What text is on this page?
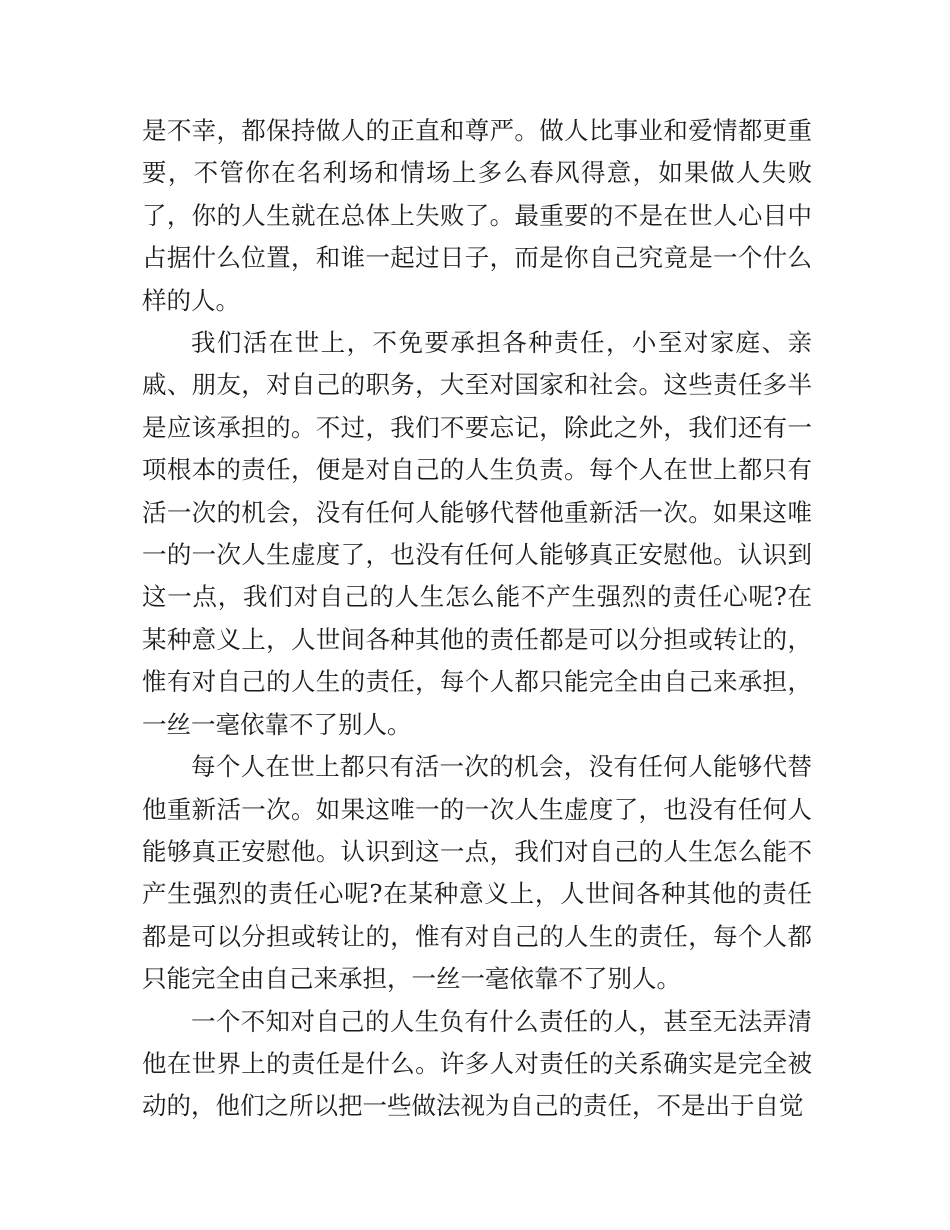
是不幸，都保持做人的正直和尊严。做人比事业和爱情都更重要，不管你在名利场和情场上多么春风得意，如果做人失败了，你的人生就在总体上失败了。最重要的不是在世人心目中占据什么位置，和谁一起过日子，而是你自己究竟是一个什么样的人。

我们活在世上，不免要承担各种责任，小至对家庭、亲戚、朋友，对自己的职务，大至对国家和社会。这些责任多半是应该承担的。不过，我们不要忘记，除此之外，我们还有一项根本的责任，便是对自己的人生负责。每个人在世上都只有活一次的机会，没有任何人能够代替他重新活一次。如果这唯一的一次人生虚度了，也没有任何人能够真正安慰他。认识到这一点，我们对自己的人生怎么能不产生强烈的责任心呢?在某种意义上，人世间各种其他的责任都是可以分担或转让的，惟有对自己的人生的责任，每个人都只能完全由自己来承担，一丝一毫依靠不了别人。

每个人在世上都只有活一次的机会，没有任何人能够代替他重新活一次。如果这唯一的一次人生虚度了，也没有任何人能够真正安慰他。认识到这一点，我们对自己的人生怎么能不产生强烈的责任心呢?在某种意义上，人世间各种其他的责任都是可以分担或转让的，惟有对自己的人生的责任，每个人都只能完全由自己来承担，一丝一毫依靠不了别人。

一个不知对自己的人生负有什么责任的人，甚至无法弄清他在世界上的责任是什么。许多人对责任的关系确实是完全被动的，他们之所以把一些做法视为自己的责任，不是出于自觉
